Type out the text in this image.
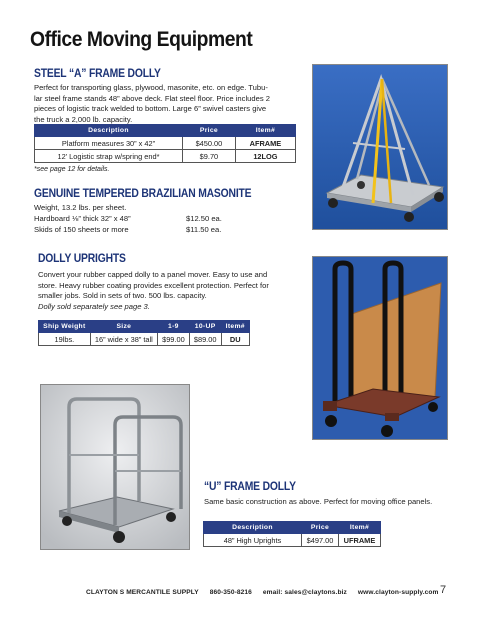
Office Moving Equipment
STEEL “A” FRAME DOLLY
Perfect for transporting glass, plywood, masonite, etc. on edge. Tubu-
lar steel frame stands 48” above deck. Flat steel floor. Price includes 2
pieces of logistic track welded to bottom. Large 6” swivel casters give
the truck a 2,000 lb. capacity.
Description	Price	Item#
Platform measures 30” x 42”	$450.00	AFRAME
12’ Logistic strap w/spring end*	$9.70	12LOG
*see page 12 for details.
GENUINE TEMPERED BRAZILIAN MASONITE
Weight, 13.2 lbs. per sheet.
Hardboard ⅛” thick 32” x 48”	$12.50 ea.
Skids of 150 sheets or more	$11.50 ea.
DOLLY UPRIGHTS
Convert your rubber capped dolly to a panel mover. Easy to use and
store. Heavy rubber coating provides excellent protection. Perfect for
smaller jobs. Sold in sets of two. 500 lbs. capacity.
Dolly sold separately see page 3.
Ship Weight	Size	1-9	10-UP	Item#
19lbs.	16” wide x 38” tall	$99.00	$89.00	DU
“U” FRAME DOLLY
Same basic construction as above. Perfect for moving office panels.
Description	Price	Item#
48” High Uprights	$497.00	UFRAME
CLAYTON S MERCANTILE SUPPLY 860-350-8216 email: sales@claytons.biz www.clayton-supply.com 7
